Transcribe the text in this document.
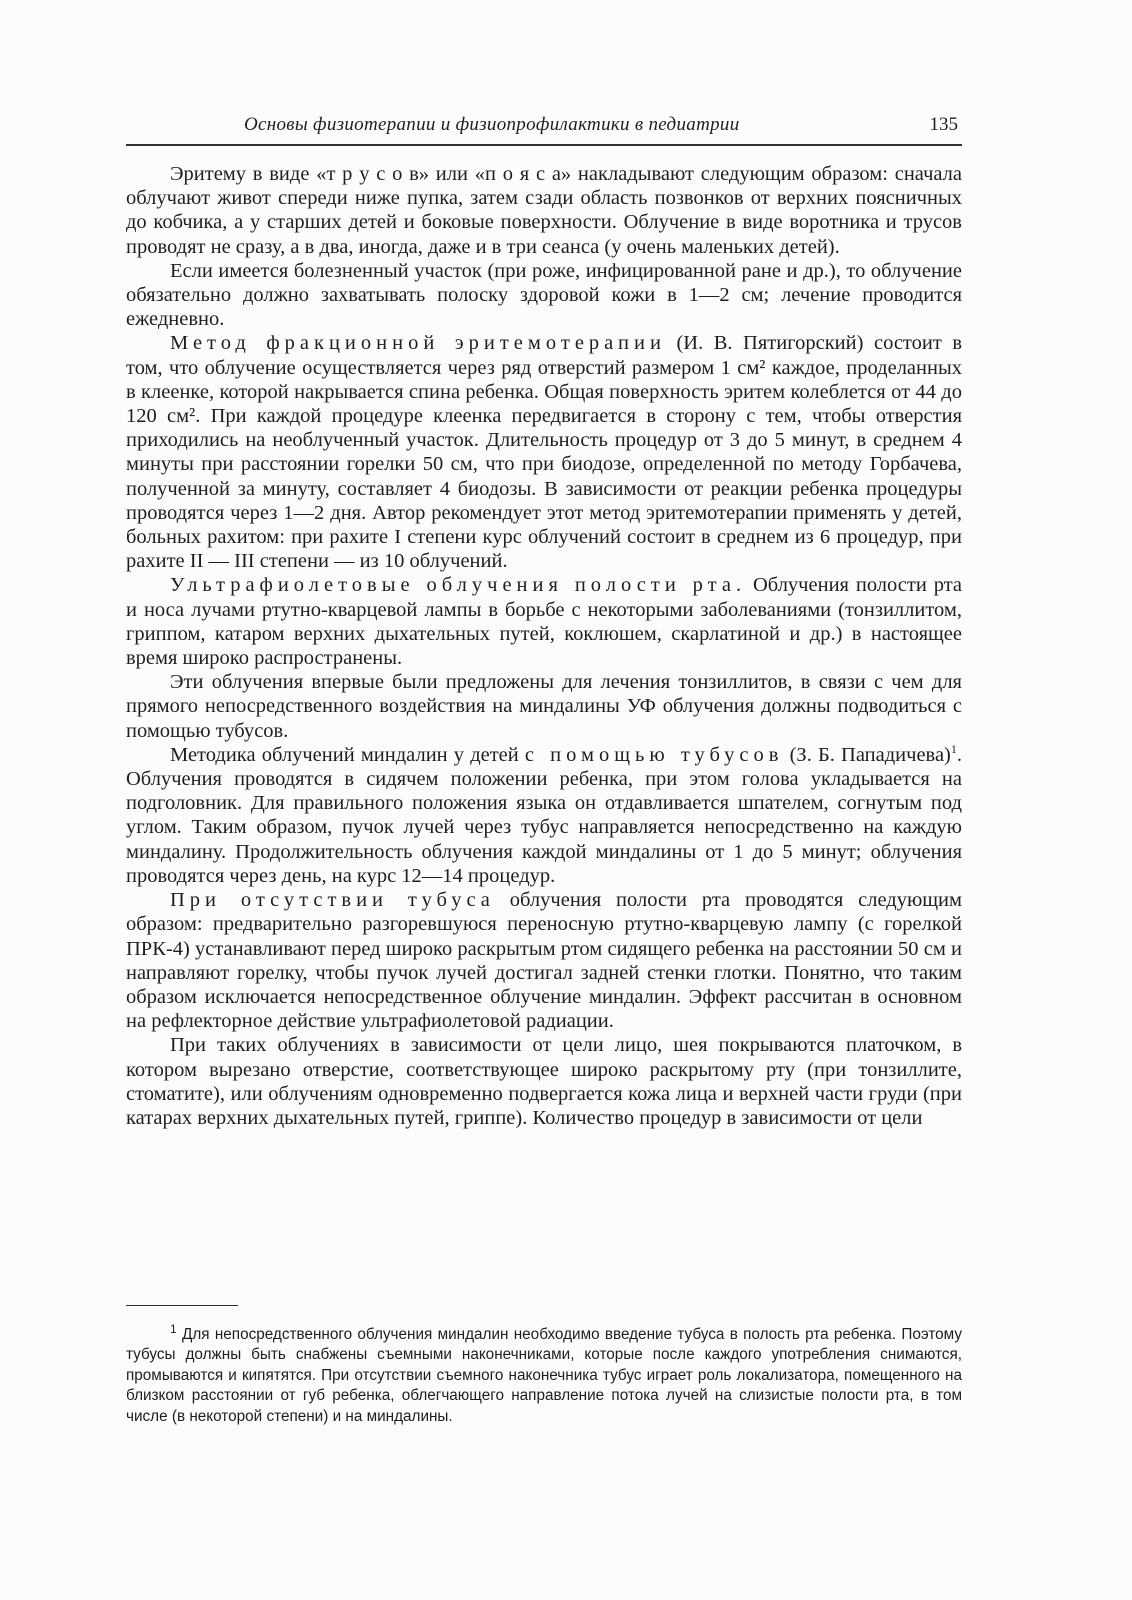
Основы физиотерапии и физиопрофилактики в педиатрии	135

Эритему в виде «т р у с о в» или «п о я с а» накладывают следующим образом: сначала облучают живот спереди ниже пупка, затем сзади область позвонков от верхних поясничных до кобчика, а у старших детей и боковые поверхности. Облучение в виде воротника и трусов проводят не сразу, а в два, иногда, даже и в три сеанса (у очень маленьких детей).

Если имеется болезненный участок (при роже, инфицированной ране и др.), то облучение обязательно должно захватывать полоску здоровой кожи в 1—2 см; лечение проводится ежедневно.

Метод фракционной эритемотерапии (И. В. Пятигорский) состоит в том, что облучение осуществляется через ряд отверстий размером 1 см² каждое, проделанных в клеенке, которой накрывается спина ребенка. Общая поверхность эритем колеблется от 44 до 120 см². При каждой процедуре клеенка передвигается в сторону с тем, чтобы отверстия приходились на необлученный участок. Длительность процедур от 3 до 5 минут, в среднем 4 минуты при расстоянии горелки 50 см, что при биодозе, определенной по методу Горбачева, полученной за минуту, составляет 4 биодозы. В зависимости от реакции ребенка процедуры проводятся через 1—2 дня. Автор рекомендует этот метод эритемотерапии применять у детей, больных рахитом: при рахите I степени курс облучений состоит в среднем из 6 процедур, при рахите II — III степени — из 10 облучений.

Ультрафиолетовые облучения полости рта. Облучения полости рта и носа лучами ртутно-кварцевой лампы в борьбе с некоторыми заболеваниями (тонзиллитом, гриппом, катаром верхних дыхательных путей, коклюшем, скарлатиной и др.) в настоящее время широко распространены.

Эти облучения впервые были предложены для лечения тонзиллитов, в связи с чем для прямого непосредственного воздействия на миндалины УФ облучения должны подводиться с помощью тубусов.

Методика облучений миндалин у детей с помощью тубусов (З. Б. Пападичева)$^1$. Облучения проводятся в сидячем положении ребенка, при этом голова укладывается на подголовник. Для правильного положения языка он отдавливается шпателем, согнутым под углом. Таким образом, пучок лучей через тубус направляется непосредственно на каждую миндалину. Продолжительность облучения каждой миндалины от 1 до 5 минут; облучения проводятся через день, на курс 12—14 процедур.

При отсутствии тубуса облучения полости рта проводятся следующим образом: предварительно разгоревшуюся переносную ртутно-кварцевую лампу (с горелкой ПРК-4) устанавливают перед широко раскрытым ртом сидящего ребенка на расстоянии 50 см и направляют горелку, чтобы пучок лучей достигал задней стенки глотки. Понятно, что таким образом исключается непосредственное облучение миндалин. Эффект рассчитан в основном на рефлекторное действие ультрафиолетовой радиации.

При таких облучениях в зависимости от цели лицо, шея покрываются платочком, в котором вырезано отверстие, соответствующее широко раскрытому рту (при тонзиллите, стоматите), или облучениям одновременно подвергается кожа лица и верхней части груди (при катарах верхних дыхательных путей, гриппе). Количество процедур в зависимости от цели

$^1$ Для непосредственного облучения миндалин необходимо введение тубуса в полость рта ребенка. Поэтому тубусы должны быть снабжены съемными наконечниками, которые после каждого употребления снимаются, промываются и кипятятся. При отсутствии съемного наконечника тубус играет роль локализатора, помещенного на близком расстоянии от губ ребенка, облегчающего направление потока лучей на слизистые полости рта, в том числе (в некоторой степени) и на миндалины.
